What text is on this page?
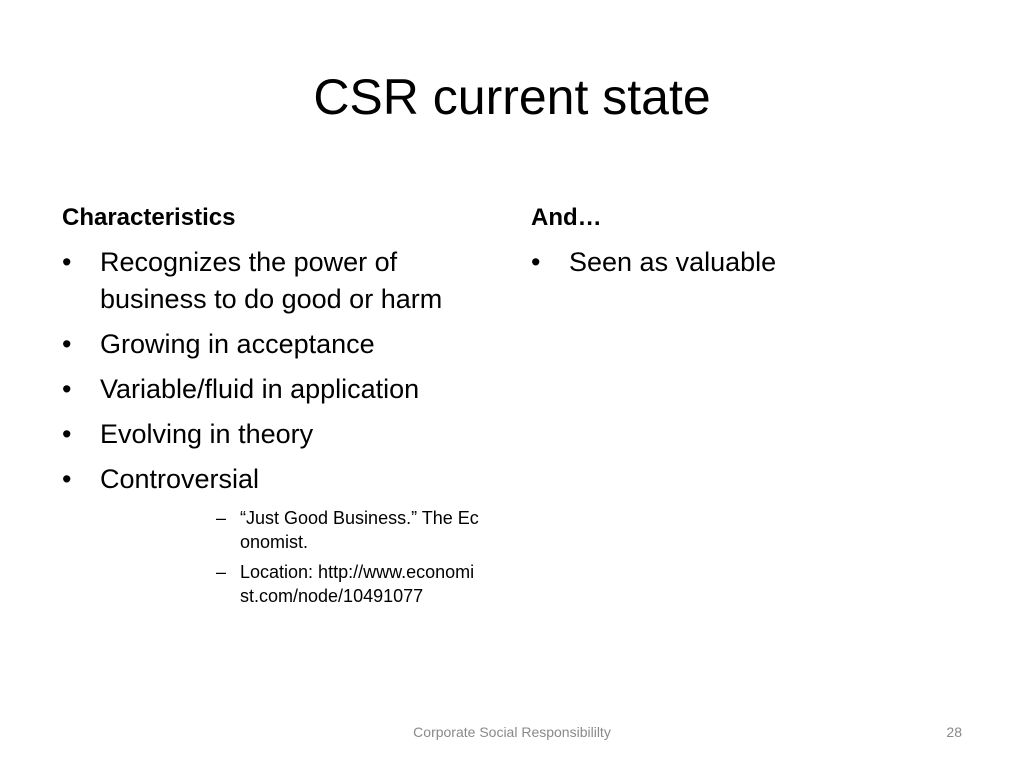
CSR current state
Characteristics
•	Recognizes the power of business to do good or harm
•	Growing in acceptance
•	Variable/fluid in application
•	Evolving in theory
•	Controversial
– “Just Good Business.” The Economist.
– Location: http://www.economist.com/node/10491077
And…
•	Seen as valuable
Corporate Social Responsibililty	28
